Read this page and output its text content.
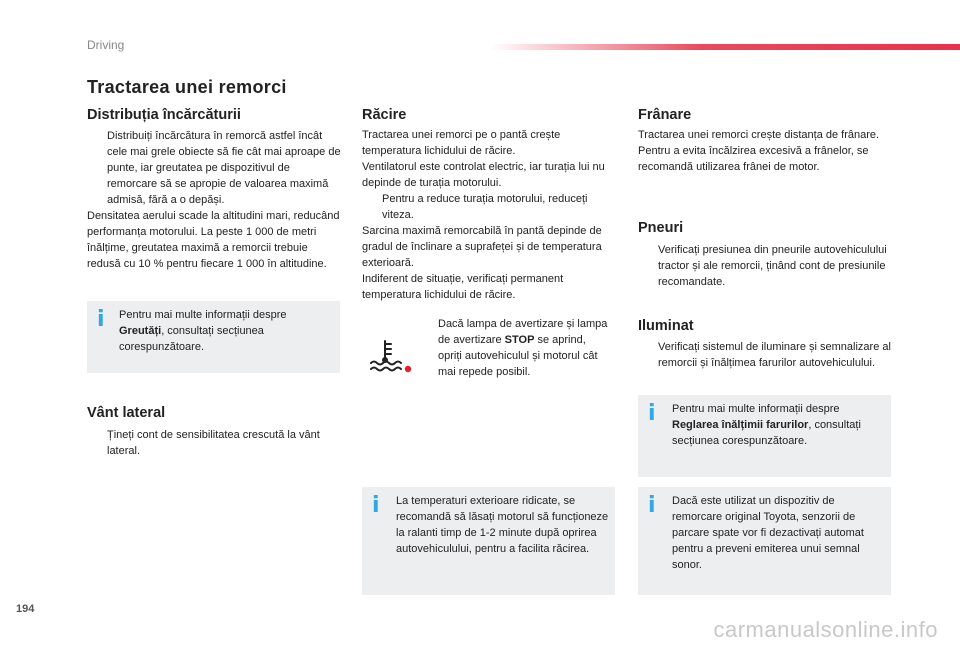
Driving
Tractarea unei remorci
Distribuția încărcăturii
Distribuiți încărcătura în remorcă astfel încât cele mai grele obiecte să fie cât mai aproape de punte, iar greutatea pe dispozitivul de remorcare să se apropie de valoarea maximă admisă, fără a o depăși.

Densitatea aerului scade la altitudini mari, reducând performanța motorului. La peste 1 000 de metri înălțime, greutatea maximă a remorcii trebuie redusă cu 10 % pentru fiecare 1 000 în altitudine.

i Pentru mai multe informații despre Greutăți, consultați secțiunea corespunzătoare.
Vânt lateral
Țineți cont de sensibilitatea crescută la vânt lateral.
Răcire

Tractarea unei remorci pe o pantă crește temperatura lichidului de răcire.

Ventilatorul este controlat electric, iar turația lui nu depinde de turația motorului.

Pentru a reduce turația motorului, reduceți viteza.

Sarcina maximă remorcabilă în pantă depinde de gradul de înclinare a suprafeței și de temperatura exterioară.

Indiferent de situație, verificați permanent temperatura lichidului de răcire.

Dacă lampa de avertizare și lampa de avertizare STOP se aprind, opriți autovehiculul și motorul cât mai repede posibil.
i La temperaturi exterioare ridicate, se recomandă să lăsați motorul să funcționeze la ralanti timp de 1-2 minute după oprirea autovehiculului, pentru a facilita răcirea.
Frânare

Tractarea unei remorci crește distanța de frânare.

Pentru a evita încălzirea excesivă a frânelor, se recomandă utilizarea frânei de motor.

Pneuri
Verificați presiunea din pneurile autovehiculului tractor și ale remorcii, ținând cont de presiunile recomandate.
Iluminat
Verificați sistemul de iluminare și semnalizare al remorcii și înălțimea farurilor autovehiculului.
i Pentru mai multe informații despre Reglarea înălțimii farurilor, consultați secțiunea corespunzătoare.
i Dacă este utilizat un dispozitiv de remorcare original Toyota, senzorii de parcare spate vor fi dezactivați automat pentru a preveni emiterea unui semnal sonor.
194
carmanualsonline.info
